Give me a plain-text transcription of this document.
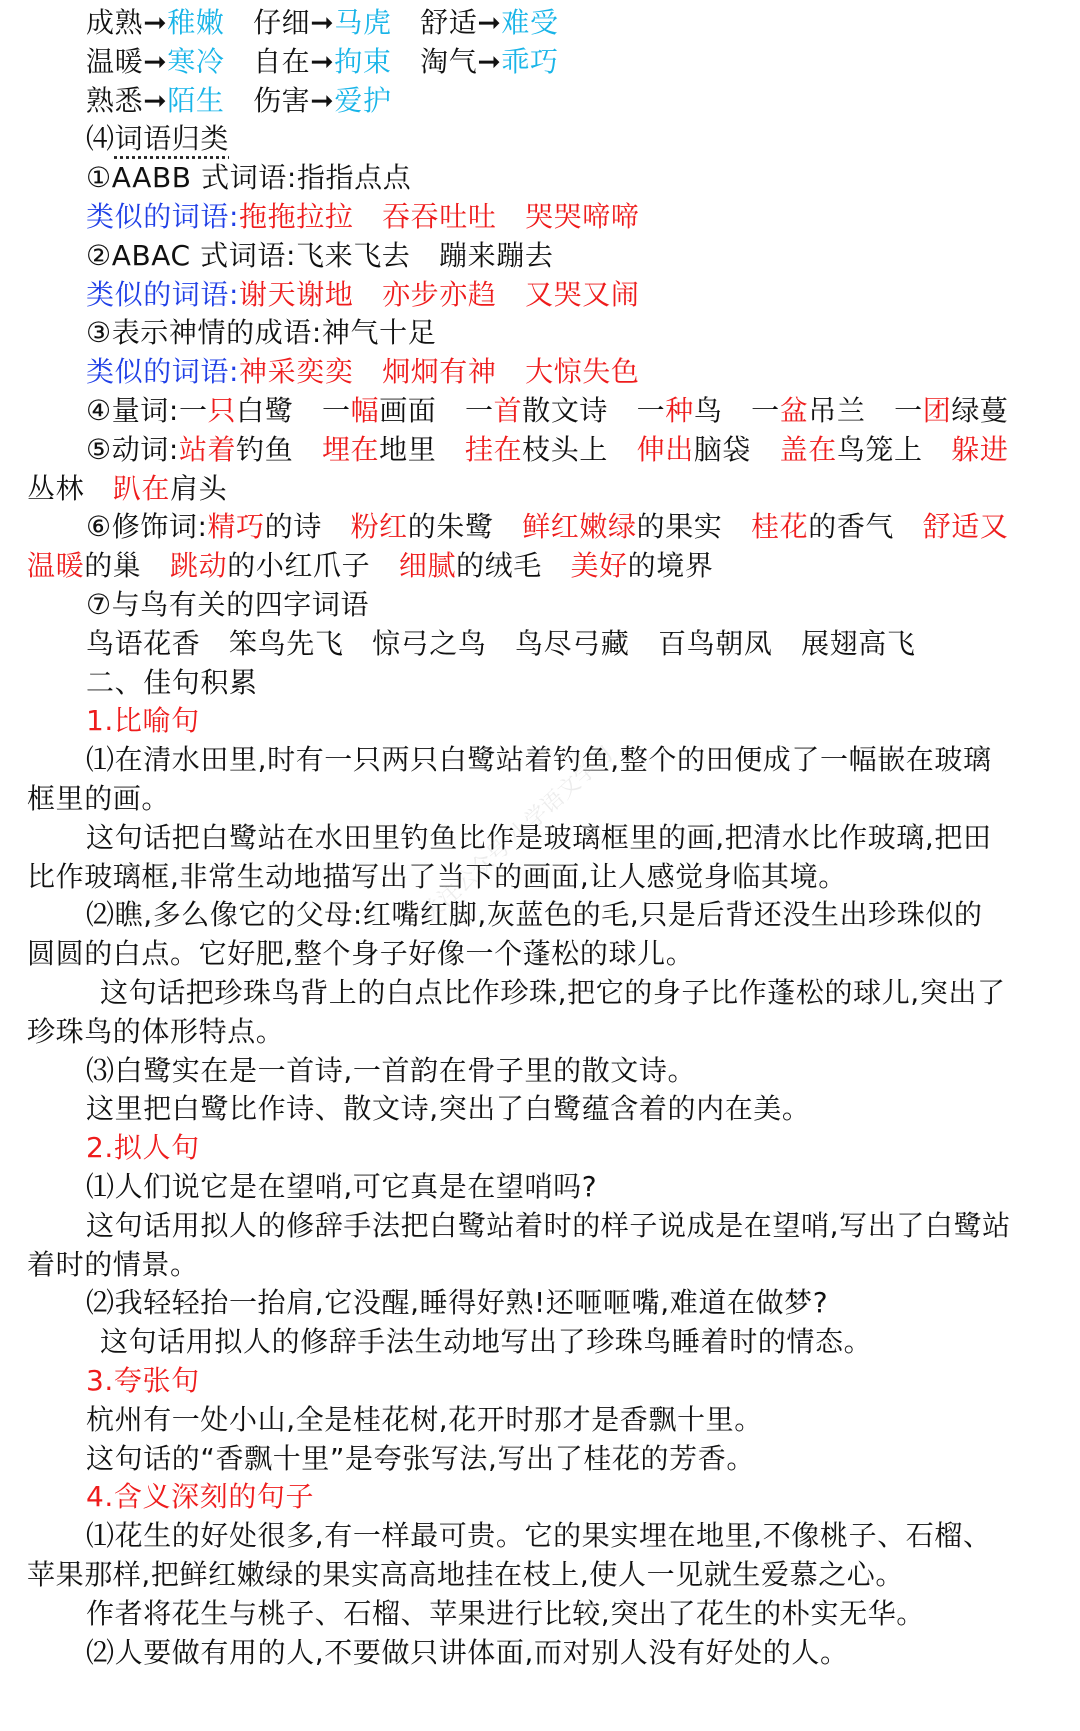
成熟➞稚嫩　 仔细➞马虎　 舒适➞难受
温暖➞寒冷　 自在➞拘束　 淘气➞乖巧
熟悉➞陌生　 伤害➞爱护
⑷词语归类
①AABB 式词语:指指点点
类似的词语:拖拖拉拉　 吞吞吐吐　 哭哭啼啼
②ABAC 式词语:飞来飞去　蹦来蹦去
类似的词语:谢天谢地　 亦步亦趋　 又哭又闹
③表示神情的成语:神气十足
类似的词语:神采奕奕　 炯炯有神　 大惊失色
④量词:一只白鹭　 一幅画面　 一首散文诗　 一种鸟　 一盆吊兰　 一团绿蔓
⑤动词:站着钓鱼　 埋在地里　 挂在枝头上　 伸出脑袋　 盖在鸟笼上　 躲进
丛林　 趴在肩头
⑥修饰词:精巧的诗　 粉红的朱鹭　 鲜红嫩绿的果实　 桂花的香气　 舒适又
温暖的巢　 跳动的小红爪子　 细腻的绒毛　 美好的境界
⑦与鸟有关的四字词语
鸟语花香　 笨鸟先飞　 惊弓之鸟　 鸟尽弓藏　 百鸟朝凤　 展翅高飞
二、佳句积累
1.比喻句
⑴在清水田里,时有一只两只白鹭站着钓鱼,整个的田便成了一幅嵌在玻璃
框里的画。
这句话把白鹭站在水田里钓鱼比作是玻璃框里的画,把清水比作玻璃,把田
比作玻璃框,非常生动地描写出了当下的画面,让人感觉身临其境。
⑵瞧,多么像它的父母:红嘴红脚,灰蓝色的毛,只是后背还没生出珍珠似的
圆圆的白点。它好肥,整个身子好像一个蓬松的球儿。
这句话把珍珠鸟背上的白点比作珍珠,把它的身子比作蓬松的球儿,突出了
珍珠鸟的体形特点。
⑶白鹭实在是一首诗,一首韵在骨子里的散文诗。
这里把白鹭比作诗、散文诗,突出了白鹭蕴含着的内在美。
2.拟人句
⑴人们说它是在望哨,可它真是在望哨吗?
这句话用拟人的修辞手法把白鹭站着时的样子说成是在望哨,写出了白鹭站
着时的情景。
⑵我轻轻抬一抬肩,它没醒,睡得好熟!还咂咂嘴,难道在做梦?
这句话用拟人的修辞手法生动地写出了珍珠鸟睡着时的情态。
3.夸张句
杭州有一处小山,全是桂花树,花开时那才是香飘十里。
这句话的“香飘十里”是夸张写法,写出了桂花的芳香。
4.含义深刻的句子
⑴花生的好处很多,有一样最可贵。它的果实埋在地里,不像桃子、石榴、
苹果那样,把鲜红嫩绿的果实高高地挂在枝上,使人一见就生爱慕之心。
作者将花生与桃子、石榴、苹果进行比较,突出了花生的朴实无华。
⑵人要做有用的人,不要做只讲体面,而对别人没有好处的人。
关注公众号 小学语文学习
